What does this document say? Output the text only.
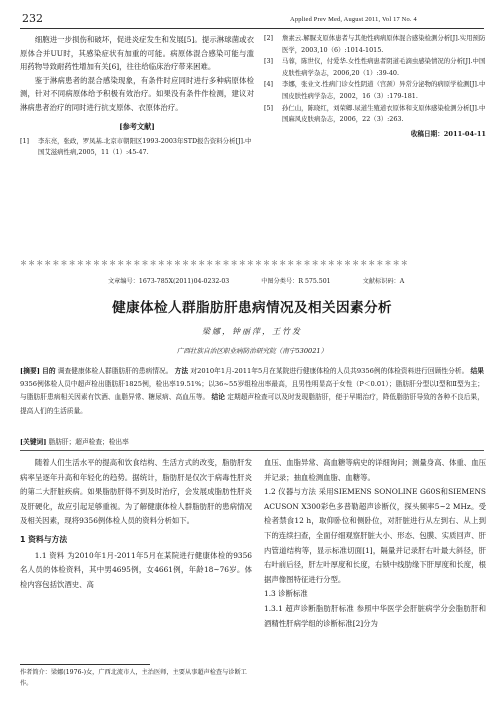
232	Applied Prev Med, August 2011, Vol 17 No. 4

细胞进一步损伤和破坏，促进炎症发生和发展[5]。提示淋球菌或衣原体合并UU时，其感染症状有加重的可能。病原体混合感染可能与滥用药物导致耐药性增加有关[6]，往往给临床治疗带来困难。

鉴于淋病患者的混合感染现象，有条件时应同时进行多种病原体检测，针对不同病原体给予积极有效治疗。如果没有条件作检测，建议对淋病患者治疗的同时进行抗支原体、衣原体治疗。

[参考文献]
[1]	李东亮，张政，罗凤基.北京市朝阳区1993-2003年STD报告资料分析[J].中国艾滋病性病,2005，11（1）:45-47.
[2]	詹素云.解脲支原体患者与其他性病病原体混合感染检测分析[J].实用预防医学，2003,10（6）:1014-1015.
[3]	马蓉，陈世仪，付爱华.女性性病患者阴道毛滴虫感染情况的分析[J].中国皮肤性病学杂志，2006,20（1）:39-40.
[4]	李娜，张业文.性病门诊女性阴道（宫颈）异常分泌物的病原学检测[J].中国皮肤性病学杂志，2002，16（3）:179-181.
[5]	孙仁山，陈晓红，刘荣卿.尿道生殖道衣原体和支原体感染检测分析[J].中国麻风皮肤病杂志，2006，22（3）:263.
收稿日期：2011-04-11
＊＊＊＊＊＊＊＊＊＊＊＊＊＊＊＊＊＊＊＊＊＊＊＊＊＊＊＊＊＊＊＊＊＊＊＊＊＊＊＊＊＊＊＊＊＊＊＊
文章编号：1673-785X(2011)04-0232-03	中图分类号：R 575.501	文献标识码：A
健康体检人群脂肪肝患病情况及相关因素分析
梁娜，钟丽萍，王竹发
广西壮族自治区职业病防治研究院（南宁530021）
[摘要] 目的 调查健康体检人群脂肪肝的患病情况。 方法 对2010年1月-2011年5月在某院进行健康体检的人员共9356例的体检资料进行回顾性分析。 结果 9356例体检人员中超声检出脂肪肝1825例，检出率19.51%；以36~55岁组检出率最高，且男性明显高于女性（P＜0.01）；脂肪肝分型以I型和Ⅱ型为主；与脂肪肝患病相关因素有饮酒、血脂异常、糖尿病、高血压等。 结论 定期超声检查可以及时发现脂肪肝，便于早期治疗，降低脂肪肝导致的各种不良后果，提高人们的生活质量。
[关键词] 脂肪肝；超声检查；检出率

随着人们生活水平的提高和饮食结构、生活方式的改变，脂肪肝发病率呈逐年升高和年轻化的趋势。据统计，脂肪肝是仅次于病毒性肝炎的第二大肝脏疾病。如果脂肪肝得不到及时治疗，会发展成脂肪性肝炎及肝硬化，故应引起足够重视。为了解健康体检人群脂肪肝的患病情况及相关因素，现将9356例体检人员的资料分析如下。

1 资料与方法

1.1 资料 为2010年1月-2011年5月在某院进行健康体检的9356名人员的体检资料，其中男4695例，女4661例，年龄18~76岁。体检内容包括饮酒史、高

血压、血脂异常、高血糖等病史的详细询问；测量身高、体重、血压并记录；抽血检测血脂、血糖等。

1.2 仪器与方法 采用SIEMENS SONOLINE G60S和SIEMENS ACUSON X300彩色多普勒超声诊断仪，探头频率5~2 MHz。受检者禁食12 h，取仰卧位和侧卧位，对肝脏进行从左到右、从上到下的连续扫查，全面仔细观察肝脏大小、形态、包膜、实质回声、肝内管道结构等，显示标准切面[1]，隔量并记录肝右叶最大斜径，肝右叶前后径，肝左叶厚度和长度，右锁中线肋缘下肝厚度和长度，根据声像图特征进行分型。

1.3 诊断标准

1.3.1 超声诊断脂肪肝标准 参照中华医学会肝脏病学分会脂肪肝和酒精性肝病学组的诊断标准[2]分为

作者简介：梁娜(1976-)女，广西北流市人，主治医师，主要从事超声检查与诊断工作。
